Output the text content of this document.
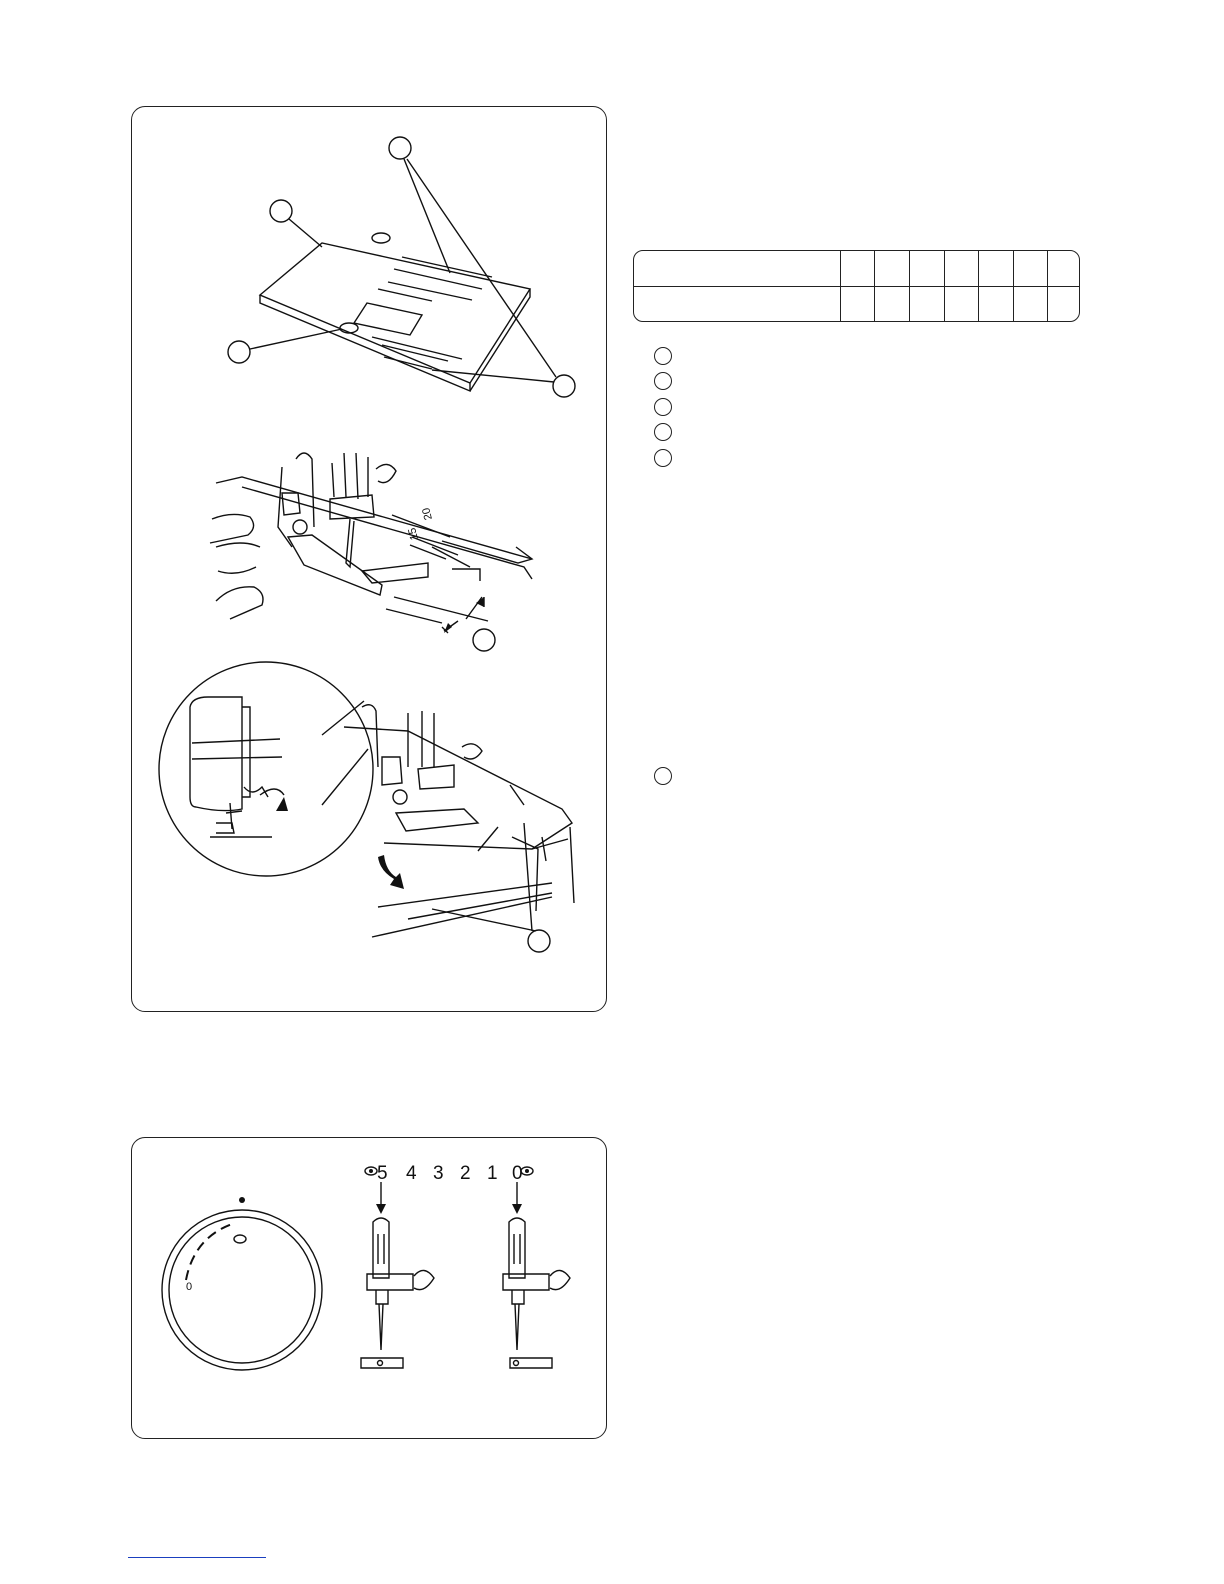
20
15
5 4 3 2 1 0
0
